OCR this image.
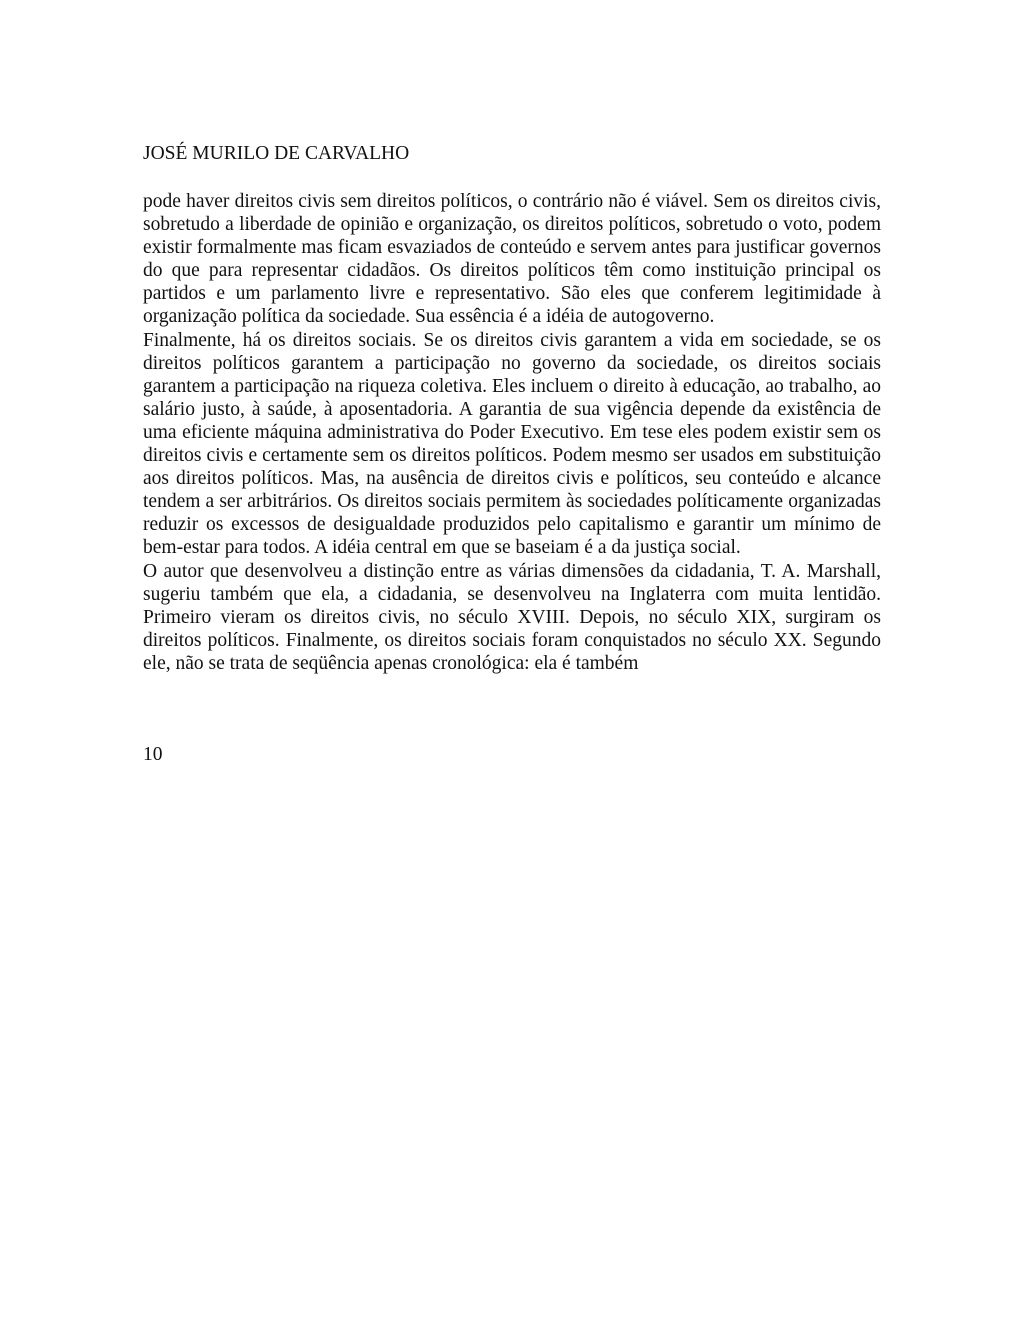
JOSÉ MURILO DE CARVALHO

pode haver direitos civis sem direitos políticos, o contrário não é viável. Sem os direitos civis, sobretudo a liberdade de opinião e organização, os direitos políticos, sobretudo o voto, podem existir formalmente mas ficam esvaziados de conteúdo e servem antes para justificar governos do que para representar cidadãos. Os direitos políticos têm como instituição principal os partidos e um parlamento livre e representativo. São eles que conferem legitimidade à organização política da sociedade. Sua essência é a idéia de autogoverno.

Finalmente, há os direitos sociais. Se os direitos civis garantem a vida em sociedade, se os direitos políticos garantem a participação no governo da sociedade, os direitos sociais garantem a participação na riqueza coletiva. Eles incluem o direito à educação, ao trabalho, ao salário justo, à saúde, à aposentadoria. A garantia de sua vigência depende da existência de uma eficiente máquina administrativa do Poder Executivo. Em tese eles podem existir sem os direitos civis e certamente sem os direitos políticos. Podem mesmo ser usados em substituição aos direitos políticos. Mas, na ausência de direitos civis e políticos, seu conteúdo e alcance tendem a ser arbitrários. Os direitos sociais permitem às sociedades políticamente organizadas reduzir os excessos de desigualdade produzidos pelo capitalismo e garantir um mínimo de bem-estar para todos. A idéia central em que se baseiam é a da justiça social.

O autor que desenvolveu a distinção entre as várias dimensões da cidadania, T. A. Marshall, sugeriu também que ela, a cidadania, se desenvolveu na Inglaterra com muita lentidão. Primeiro vieram os direitos civis, no século XVIII. Depois, no século XIX, surgiram os direitos políticos. Finalmente, os direitos sociais foram conquistados no século XX. Segundo ele, não se trata de seqüência apenas cronológica: ela é também

10
